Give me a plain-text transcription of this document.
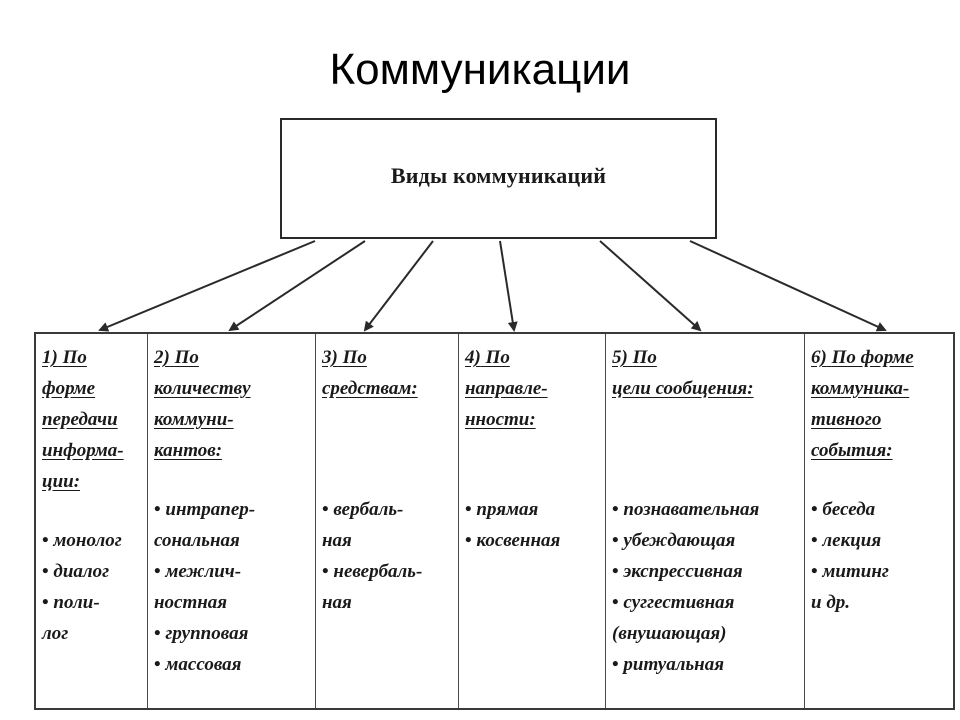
Коммуникации
Виды коммуникаций
1) По
форме
передачи
информа-
ции:
• монолог
• диалог
• поли-
лог
2) По
количеству
коммуни-
кантов:
• интрапер-
сональная
• межлич-
ностная
• групповая
• массовая
3) По
средствам:
• вербаль-
ная
• невербаль-
ная
4) По
направле-
нности:
• прямая
• косвенная
5) По
цели сообщения:
• познавательная
• убеждающая
• экспрессивная
• суггестивная
(внушающая)
• ритуальная
6) По форме
коммуника-
тивного
события:
• беседа
• лекция
• митинг
и др.
